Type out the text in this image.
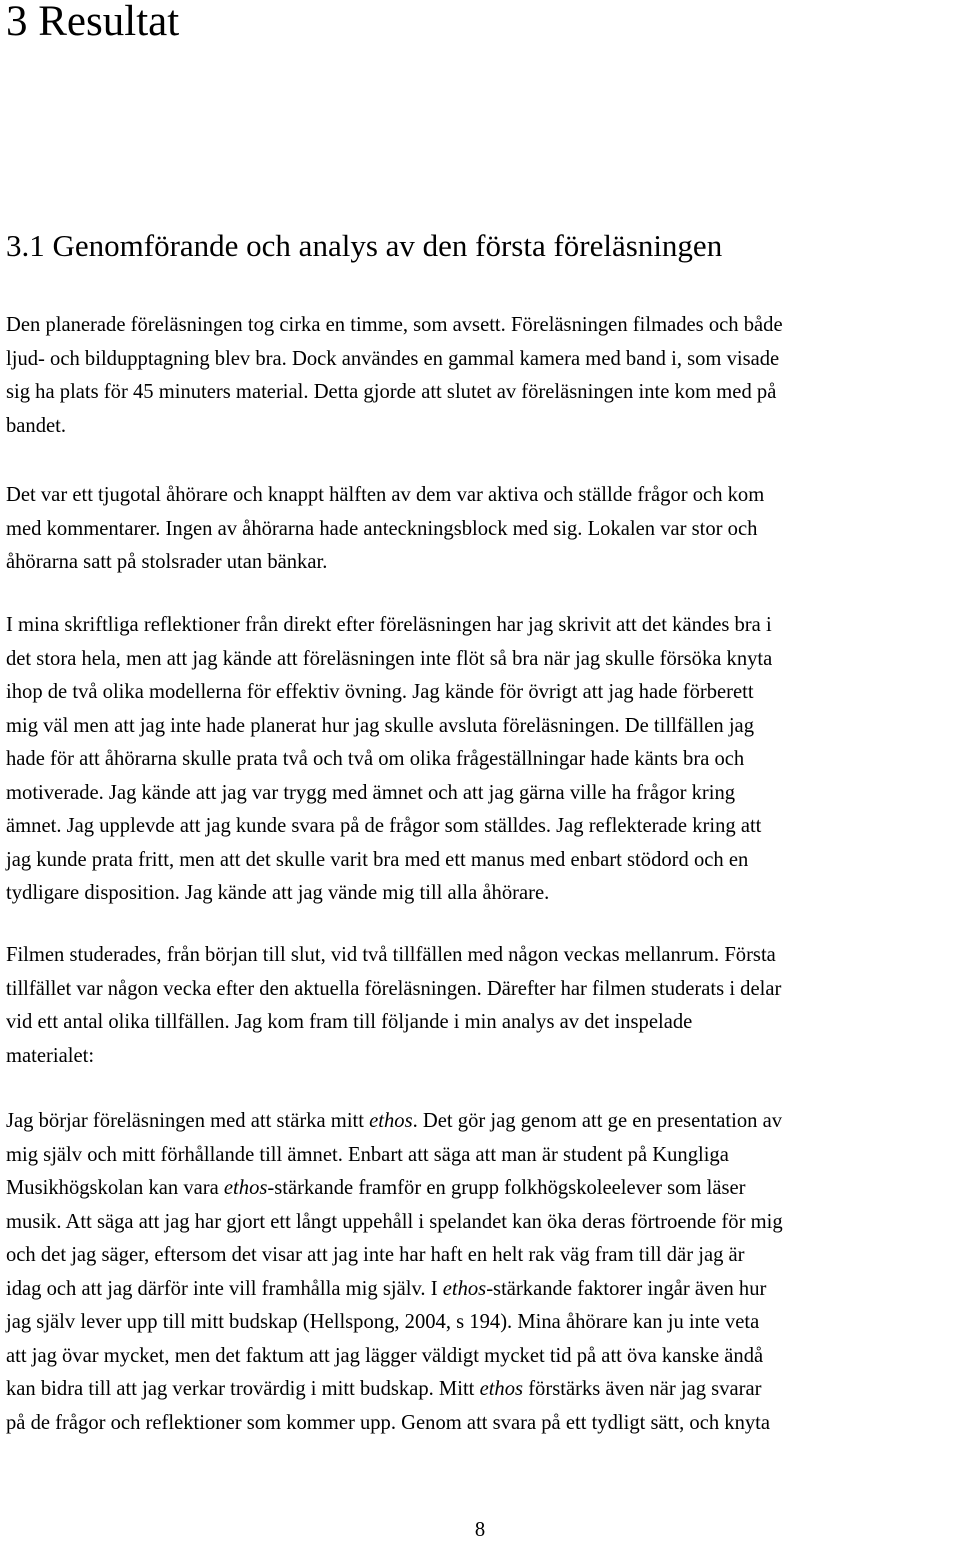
3 Resultat
3.1 Genomförande och analys av den första föreläsningen
Den planerade föreläsningen tog cirka en timme, som avsett. Föreläsningen filmades och både
ljud- och bildupptagning blev bra. Dock användes en gammal kamera med band i, som visade
sig ha plats för 45 minuters material. Detta gjorde att slutet av föreläsningen inte kom med på
bandet.
Det var ett tjugotal åhörare och knappt hälften av dem var aktiva och ställde frågor och kom
med kommentarer. Ingen av åhörarna hade anteckningsblock med sig. Lokalen var stor och
åhörarna satt på stolsrader utan bänkar.
I mina skriftliga reflektioner från direkt efter föreläsningen har jag skrivit att det kändes bra i
det stora hela, men att jag kände att föreläsningen inte flöt så bra när jag skulle försöka knyta
ihop de två olika modellerna för effektiv övning. Jag kände för övrigt att jag hade förberett
mig väl men att jag inte hade planerat hur jag skulle avsluta föreläsningen. De tillfällen jag
hade för att åhörarna skulle prata två och två om olika frågeställningar hade känts bra och
motiverade. Jag kände att jag var trygg med ämnet och att jag gärna ville ha frågor kring
ämnet. Jag upplevde att jag kunde svara på de frågor som ställdes. Jag reflekterade kring att
jag kunde prata fritt, men att det skulle varit bra med ett manus med enbart stödord och en
tydligare disposition. Jag kände att jag vände mig till alla åhörare.
Filmen studerades, från början till slut, vid två tillfällen med någon veckas mellanrum. Första
tillfället var någon vecka efter den aktuella föreläsningen. Därefter har filmen studerats i delar
vid ett antal olika tillfällen. Jag kom fram till följande i min analys av det inspelade
materialet:
Jag börjar föreläsningen med att stärka mitt ethos. Det gör jag genom att ge en presentation av
mig själv och mitt förhållande till ämnet. Enbart att säga att man är student på Kungliga
Musikhögskolan kan vara ethos-stärkande framför en grupp folkhögskoleelever som läser
musik. Att säga att jag har gjort ett långt uppehåll i spelandet kan öka deras förtroende för mig
och det jag säger, eftersom det visar att jag inte har haft en helt rak väg fram till där jag är
idag och att jag därför inte vill framhålla mig själv. I ethos-stärkande faktorer ingår även hur
jag själv lever upp till mitt budskap (Hellspong, 2004, s 194). Mina åhörare kan ju inte veta
att jag övar mycket, men det faktum att jag lägger väldigt mycket tid på att öva kanske ändå
kan bidra till att jag verkar trovärdig i mitt budskap. Mitt ethos förstärks även när jag svarar
på de frågor och reflektioner som kommer upp. Genom att svara på ett tydligt sätt, och knyta
8
